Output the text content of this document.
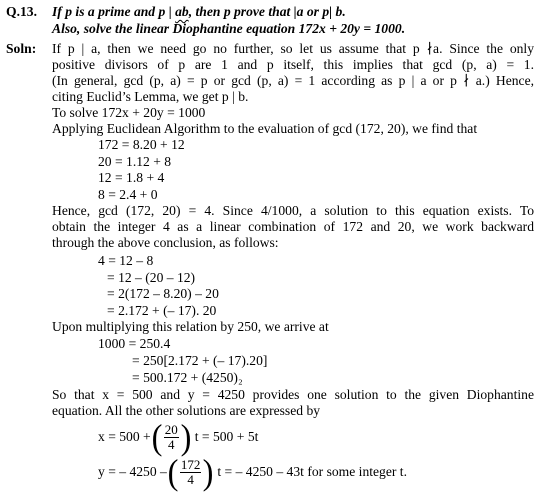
Q.13. If p is a prime and p | ab, then p prove that |a or p| b.
Also, solve the linear Diophantine equation 172x + 20y = 1000.
Soln: If p | a, then we need go no further, so let us assume that p ∤a. Since the only
positive divisors of p are 1 and p itself, this implies that gcd (p, a) = 1.
(In general, gcd (p, a) = p or gcd (p, a) = 1 according as p | a or p ∤ a.) Hence,
citing Euclid’s Lemma, we get p | b.
To solve 172x + 20y = 1000
Applying Euclidean Algorithm to the evaluation of gcd (172, 20), we find that
172 = 8.20 + 12
20 = 1.12 + 8
12 = 1.8 + 4
8 = 2.4 + 0
Hence, gcd (172, 20) = 4. Since 4/1000, a solution to this equation exists. To
obtain the integer 4 as a linear combination of 172 and 20, we work backward
through the above conclusion, as follows:
4 = 12 – 8
= 12 – (20 – 12)
= 2(172 – 8.20) – 20
= 2.172 + (– 17). 20
Upon multiplying this relation by 250, we arrive at
1000 = 250.4
= 250[2.172 + (– 17).20]
= 500.172 + (4250)₂
So that x = 500 and y = 4250 provides one solution to the given Diophantine
equation. All the other solutions are expressed by
x = 500 + ( $\frac{20}{4}$ ) t = 500 + 5t
y = – 4250 – ( $\frac{172}{4}$ ) t = – 4250 – 43t for some integer t.
